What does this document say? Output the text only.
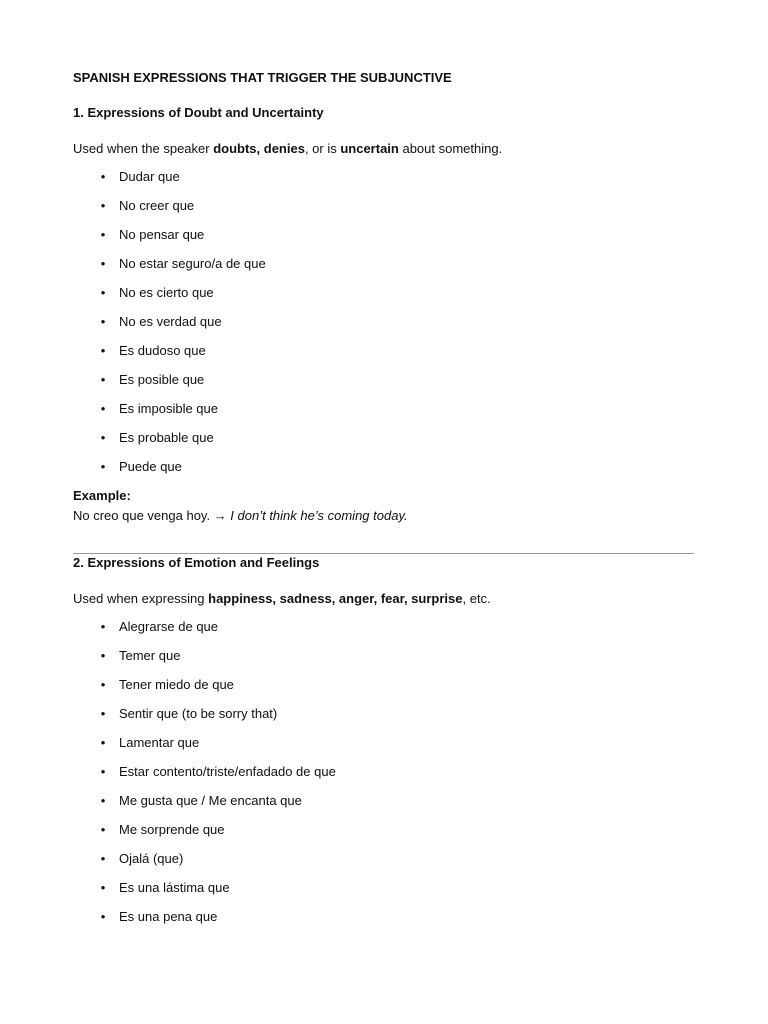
SPANISH EXPRESSIONS THAT TRIGGER THE SUBJUNCTIVE
1. Expressions of Doubt and Uncertainty
Used when the speaker doubts, denies, or is uncertain about something.
• Dudar que
• No creer que
• No pensar que
• No estar seguro/a de que
• No es cierto que
• No es verdad que
• Es dudoso que
• Es posible que
• Es imposible que
• Es probable que
• Puede que
Example:
No creo que venga hoy. → I don’t think he’s coming today.
2. Expressions of Emotion and Feelings
Used when expressing happiness, sadness, anger, fear, surprise, etc.
• Alegrarse de que
• Temer que
• Tener miedo de que
• Sentir que (to be sorry that)
• Lamentar que
• Estar contento/triste/enfadado de que
• Me gusta que / Me encanta que
• Me sorprende que
• Ojalá (que)
• Es una lástima que
• Es una pena que
